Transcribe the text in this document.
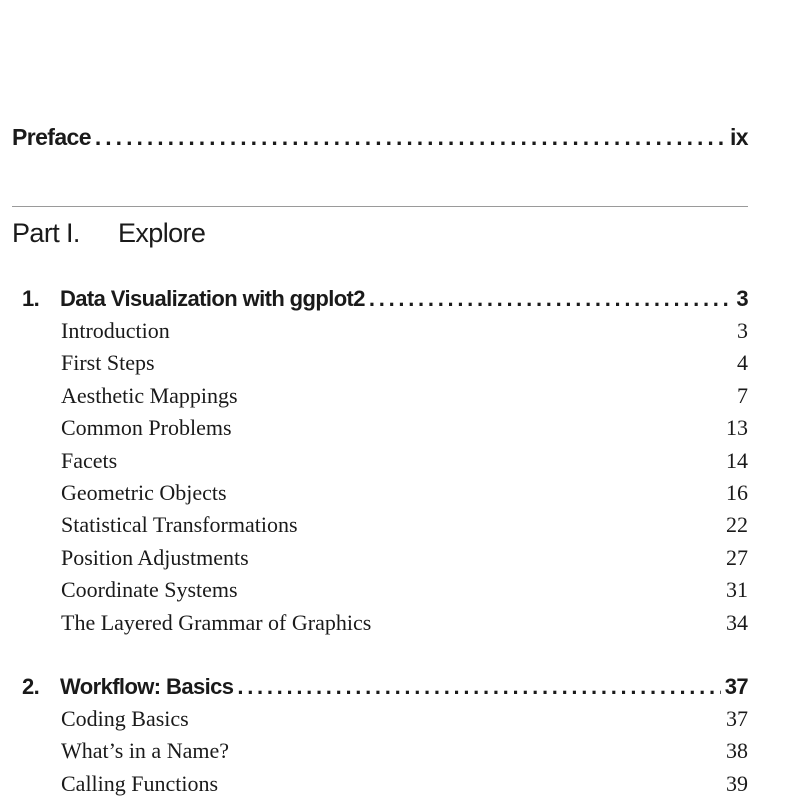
Preface . . .	ix
Part I.	Explore
1. Data Visualization with ggplot2 . . .	3
Introduction	3
First Steps	4
Aesthetic Mappings	7
Common Problems	13
Facets	14
Geometric Objects	16
Statistical Transformations	22
Position Adjustments	27
Coordinate Systems	31
The Layered Grammar of Graphics	34
2. Workflow: Basics . . .	37
Coding Basics	37
What’s in a Name?	38
Calling Functions	39
